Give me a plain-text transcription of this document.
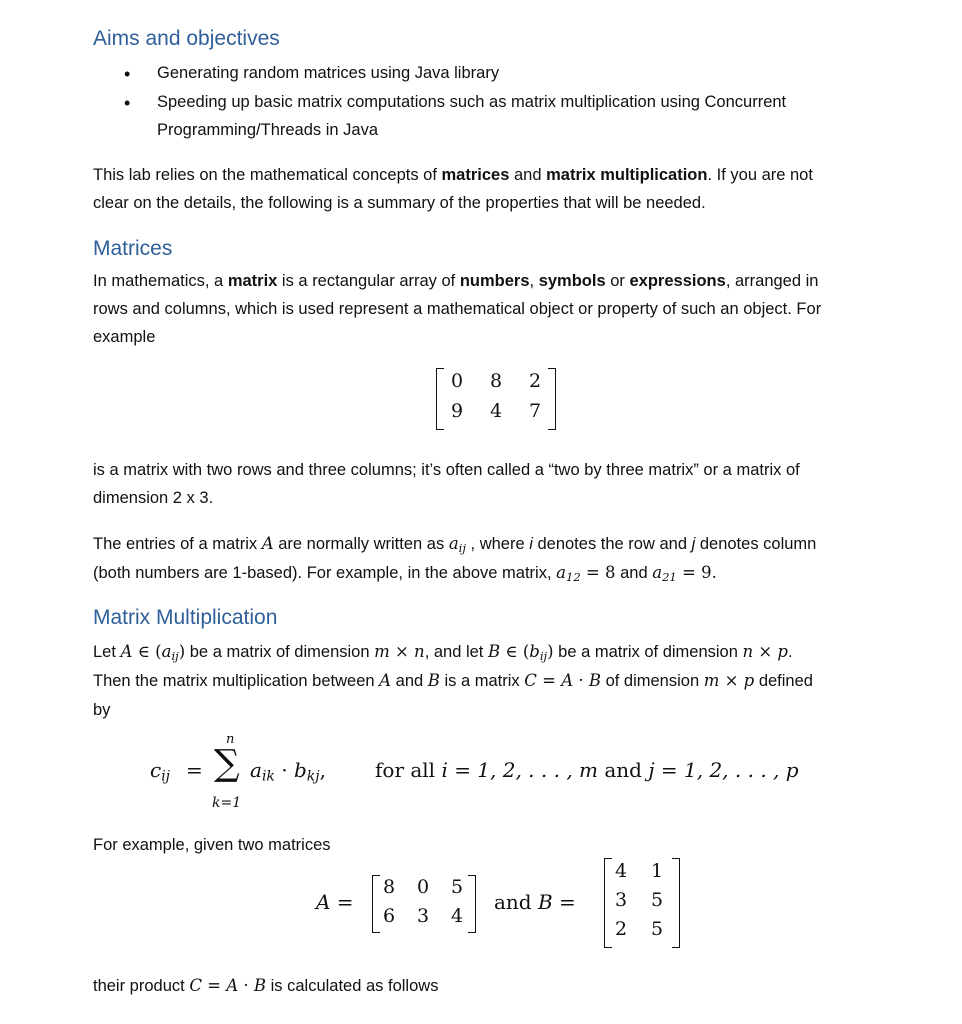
Aims and objectives
• Generating random matrices using Java library
• Speeding up basic matrix computations such as matrix multiplication using Concurrent
Programming/Threads in Java
This lab relies on the mathematical concepts of matrices and matrix multiplication. If you are not
clear on the details, the following is a summary of the properties that will be needed.
Matrices
In mathematics, a matrix is a rectangular array of numbers, symbols or expressions, arranged in
rows and columns, which is used represent a mathematical object or property of such an object. For
example
0 8 2
9 4 7
is a matrix with two rows and three columns; it’s often called a “two by three matrix” or a matrix of
dimension 2 x 3.
The entries of a matrix A are normally written as $a_{ij}$ , where i denotes the row and j denotes column
(both numbers are 1-based). For example, in the above matrix, $a_{12} = 8$ and $a_{21} = 9$.
Matrix Multiplication
Let A ∈ $(a_{ij})$ be a matrix of dimension m × n, and let B ∈ $(b_{ij})$ be a matrix of dimension n × p.
Then the matrix multiplication between A and B is a matrix C = A · B of dimension m × p defined
by
$c_{ij}$ =
n
∑
k=1
$a_{ik} \cdot b_{kj}$, for all i = 1, 2, . . . , m and j = 1, 2, . . . , p
For example, given two matrices
A =
8 0 5
6 3 4
and B =
4 1
3 5
2 5
their product C = A · B is calculated as follows
